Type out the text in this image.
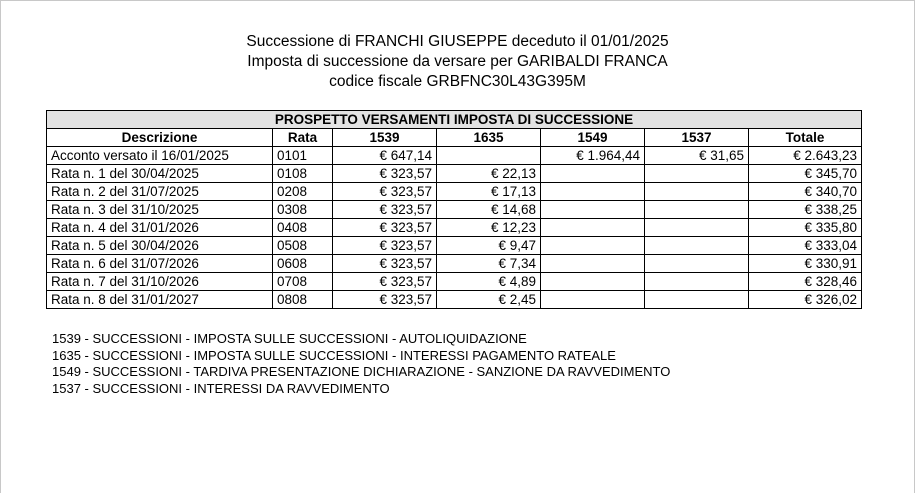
Successione di FRANCHI GIUSEPPE deceduto il 01/01/2025
Imposta di successione da versare per GARIBALDI FRANCA
codice fiscale GRBFNC30L43G395M
PROSPETTO VERSAMENTI IMPOSTA DI SUCCESSIONE						
Descrizione	Rata	1539	1635	1549	1537	Totale
Acconto versato il 16/01/2025	0101	€ 647,14		€ 1.964,44	€ 31,65	€ 2.643,23
Rata n. 1 del 30/04/2025	0108	€ 323,57	€ 22,13			€ 345,70
Rata n. 2 del 31/07/2025	0208	€ 323,57	€ 17,13			€ 340,70
Rata n. 3 del 31/10/2025	0308	€ 323,57	€ 14,68			€ 338,25
Rata n. 4 del 31/01/2026	0408	€ 323,57	€ 12,23			€ 335,80
Rata n. 5 del 30/04/2026	0508	€ 323,57	€ 9,47			€ 333,04
Rata n. 6 del 31/07/2026	0608	€ 323,57	€ 7,34			€ 330,91
Rata n. 7 del 31/10/2026	0708	€ 323,57	€ 4,89			€ 328,46
Rata n. 8 del 31/01/2027	0808	€ 323,57	€ 2,45			€ 326,02
1539 - SUCCESSIONI - IMPOSTA SULLE SUCCESSIONI - AUTOLIQUIDAZIONE
1635 - SUCCESSIONI - IMPOSTA SULLE SUCCESSIONI - INTERESSI PAGAMENTO RATEALE
1549 - SUCCESSIONI - TARDIVA PRESENTAZIONE DICHIARAZIONE - SANZIONE DA RAVVEDIMENTO
1537 - SUCCESSIONI - INTERESSI DA RAVVEDIMENTO
